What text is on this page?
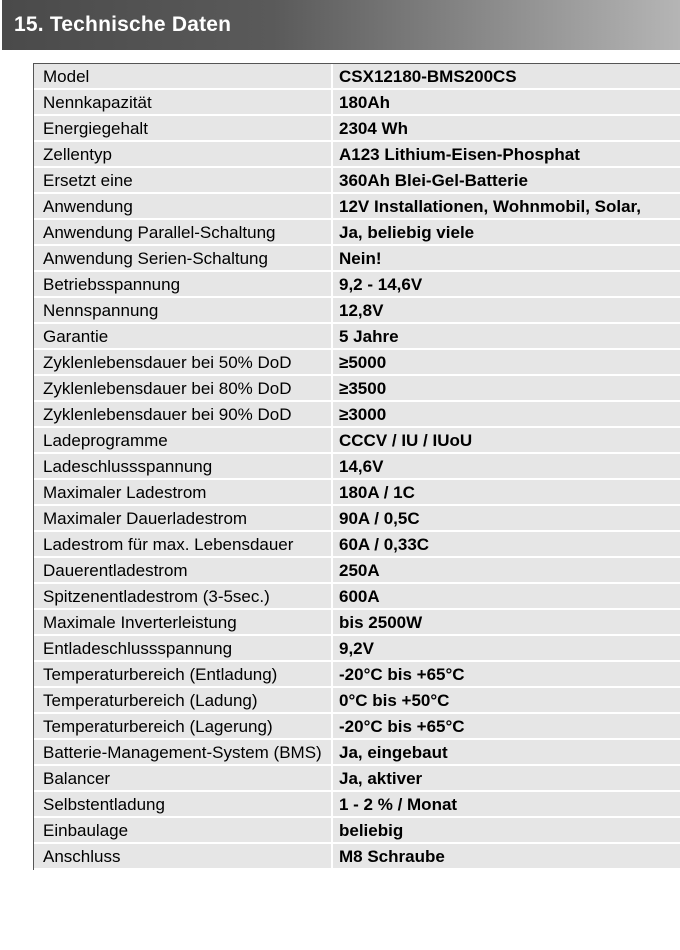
15. Technische Daten
Model	CSX12180-BMS200CS
Nennkapazität	180Ah
Energiegehalt	2304 Wh
Zellentyp	A123 Lithium-Eisen-Phosphat
Ersetzt eine	360Ah Blei-Gel-Batterie
Anwendung	12V Installationen, Wohnmobil, Solar,
Anwendung Parallel-Schaltung	Ja, beliebig viele
Anwendung Serien-Schaltung	Nein!
Betriebsspannung	9,2 - 14,6V
Nennspannung	12,8V
Garantie	5 Jahre
Zyklenlebensdauer bei 50% DoD	≥5000
Zyklenlebensdauer bei 80% DoD	≥3500
Zyklenlebensdauer bei 90% DoD	≥3000
Ladeprogramme	CCCV / IU / IUoU
Ladeschlussspannung	14,6V
Maximaler Ladestrom	180A / 1C
Maximaler Dauerladestrom	90A / 0,5C
Ladestrom für max. Lebensdauer	60A / 0,33C
Dauerentladestrom	250A
Spitzenentladestrom (3-5sec.)	600A
Maximale Inverterleistung	bis 2500W
Entladeschlussspannung	9,2V
Temperaturbereich (Entladung)	-20°C bis +65°C
Temperaturbereich (Ladung)	0°C bis +50°C
Temperaturbereich (Lagerung)	-20°C bis +65°C
Batterie-Management-System (BMS)	Ja, eingebaut
Balancer	Ja, aktiver
Selbstentladung	1 - 2 % / Monat
Einbaulage	beliebig
Anschluss	M8 Schraube
